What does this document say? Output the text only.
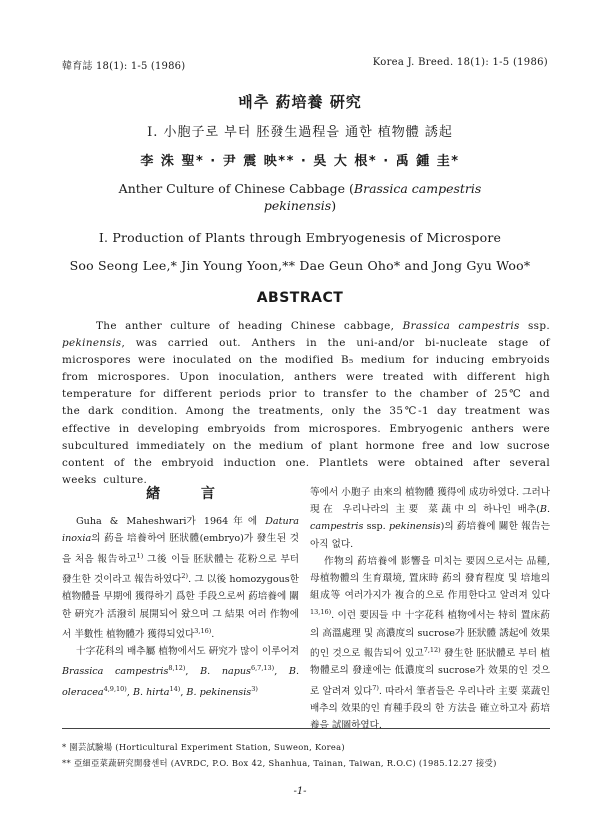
韓育誌 18(1): 1-5 (1986)	Korea J. Breed. 18(1): 1-5 (1986)
배추 葯培養 硏究
I. 小胞子로 부터 胚發生過程을 通한 植物體 誘起
李 洙 聖* · 尹 震 映** · 吳 大 根* · 禹 鍾 圭*
Anther Culture of Chinese Cabbage (Brassica campestris
pekinensis)
I. Production of Plants through Embryogenesis of Microspore
Soo Seong Lee,* Jin Young Yoon,** Dae Geun Oho* and Jong Gyu Woo*
ABSTRACT

The anther culture of heading Chinese cabbage, Brassica campestris ssp. pekinensis, was carried out. Anthers in the uni-and/or bi-nucleate stage of microspores were inoculated on the modified B₅ medium for inducing embryoids from microspores. Upon inoculation, anthers were treated with different high temperature for different periods prior to transfer to the chamber of 25℃ and the dark condition. Among the treatments, only the 35℃-1 day treatment was effective in developing embryoids from microspores. Embryogenic anthers were subcultured immediately on the medium of plant hormone free and low sucrose content of the embryoid induction one. Plantlets were obtained after several weeks culture.

緖 言

Guha & Maheshwari가 1964年에 Datura inoxia의 葯을 培養하여 胚狀體(embryo)가 發生된 것을 처음 報告하고$^{1)}$ 그後 이들 胚狀體는 花粉으로 부터 發生한 것이라고 報告하였다$^{2)}$. 그 以後 homozygous한 植物體를 早期에 獲得하기 爲한 手段으로써 葯培養에 關한 硏究가 活潑히 展開되어 왔으며 그 結果 여러 作物에서 半數性 植物體가 獲得되었다$^{3,16)}$.

十字花科의 배추屬 植物에서도 硏究가 많이 이루어져 Brassica campestris$^{8,12)}$, B. napus$^{6,7,13)}$, B. oleracea$^{4,9,10)}$, B. hirta$^{14)}$, B. pekinensis$^{3)}$

等에서 小胞子 由來의 植物體 獲得에 成功하였다. 그러나 現在 우리나라의 主要 菜蔬中의 하나인 배추(B. campestris ssp. pekinensis)의 葯培養에 關한 報告는 아직 없다.

作物의 葯培養에 影響을 미치는 要因으로서는 品種, 母植物體의 生育環境, 置床時 葯의 發育程度 및 培地의 組成等 여러가지가 複合的으로 作用한다고 알려져 있다$^{13,16)}$. 이런 要因들 中 十字花科 植物에서는 特히 置床葯의 高溫處理 및 高濃度의 sucrose가 胚狀體 誘起에 效果的인 것으로 報告되어 있고$^{7,12)}$ 發生한 胚狀體로 부터 植物體로의 發達에는 低濃度의 sucrose가 效果的인 것으로 알려져 있다$^{7)}$. 따라서 筆者들은 우리나라 主要 菜蔬인 배추의 效果的인 育種手段의 한 方法을 確立하고자 葯培養을 試圖하였다.

* 園芸試驗場 (Horticultural Experiment Station, Suweon, Korea)
** 亞細亞菜蔬硏究開發센터 (AVRDC, P.O. Box 42, Shanhua, Tainan, Taiwan, R.O.C) (1985.12.27 接受)
-1-
